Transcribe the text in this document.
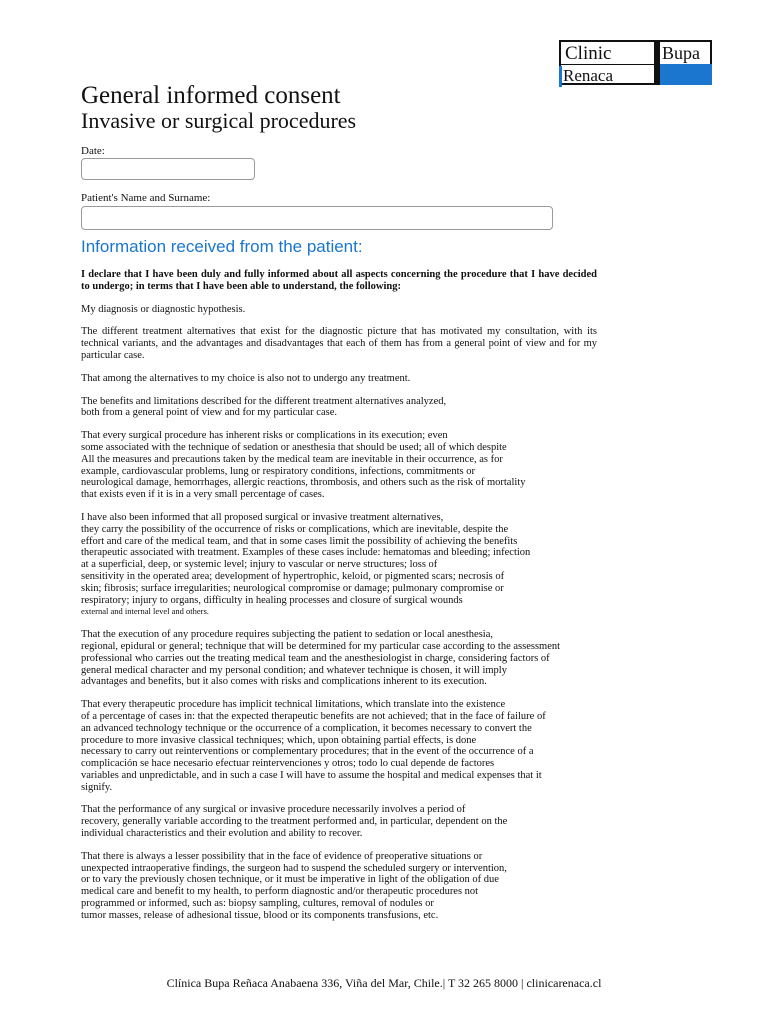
Clinic
Renaca
Bupa
General informed consent
Invasive or surgical procedures
Date:
Patient's Name and Surname:
Information received from the patient:

I declare that I have been duly and fully informed about all aspects concerning the procedure that I have decided to undergo; in terms that I have been able to understand, the following:

My diagnosis or diagnostic hypothesis.

The different treatment alternatives that exist for the diagnostic picture that has motivated my consultation, with its technical variants, and the advantages and disadvantages that each of them has from a general point of view and for my particular case.

That among the alternatives to my choice is also not to undergo any treatment.

The benefits and limitations described for the different treatment alternatives analyzed,
both from a general point of view and for my particular case.

That every surgical procedure has inherent risks or complications in its execution; even
some associated with the technique of sedation or anesthesia that should be used; all of which despite
All the measures and precautions taken by the medical team are inevitable in their occurrence, as for
example, cardiovascular problems, lung or respiratory conditions, infections, commitments or
neurological damage, hemorrhages, allergic reactions, thrombosis, and others such as the risk of mortality
that exists even if it is in a very small percentage of cases.

I have also been informed that all proposed surgical or invasive treatment alternatives,
they carry the possibility of the occurrence of risks or complications, which are inevitable, despite the
effort and care of the medical team, and that in some cases limit the possibility of achieving the benefits
therapeutic associated with treatment. Examples of these cases include: hematomas and bleeding; infection
at a superficial, deep, or systemic level; injury to vascular or nerve structures; loss of
sensitivity in the operated area; development of hypertrophic, keloid, or pigmented scars; necrosis of
skin; fibrosis; surface irregularities; neurological compromise or damage; pulmonary compromise or
respiratory; injury to organs, difficulty in healing processes and closure of surgical wounds

external and internal level and others.

That the execution of any procedure requires subjecting the patient to sedation or local anesthesia,
regional, epidural or general; technique that will be determined for my particular case according to the assessment
professional who carries out the treating medical team and the anesthesiologist in charge, considering factors of
general medical character and my personal condition; and whatever technique is chosen, it will imply
advantages and benefits, but it also comes with risks and complications inherent to its execution.

That every therapeutic procedure has implicit technical limitations, which translate into the existence
of a percentage of cases in: that the expected therapeutic benefits are not achieved; that in the face of failure of
an advanced technology technique or the occurrence of a complication, it becomes necessary to convert the
procedure to more invasive classical techniques; which, upon obtaining partial effects, is done
necessary to carry out reinterventions or complementary procedures; that in the event of the occurrence of a
complicación se hace necesario efectuar reintervenciones y otros; todo lo cual depende de factores
variables and unpredictable, and in such a case I will have to assume the hospital and medical expenses that it
signify.

That the performance of any surgical or invasive procedure necessarily involves a period of
recovery, generally variable according to the treatment performed and, in particular, dependent on the
individual characteristics and their evolution and ability to recover.

That there is always a lesser possibility that in the face of evidence of preoperative situations or
unexpected intraoperative findings, the surgeon had to suspend the scheduled surgery or intervention,
or to vary the previously chosen technique, or it must be imperative in light of the obligation of due
medical care and benefit to my health, to perform diagnostic and/or therapeutic procedures not
programmed or informed, such as: biopsy sampling, cultures, removal of nodules or
tumor masses, release of adhesional tissue, blood or its components transfusions, etc.

Clínica Bupa Reñaca Anabaena 336, Viña del Mar, Chile.| T 32 265 8000 | clinicarenaca.cl
